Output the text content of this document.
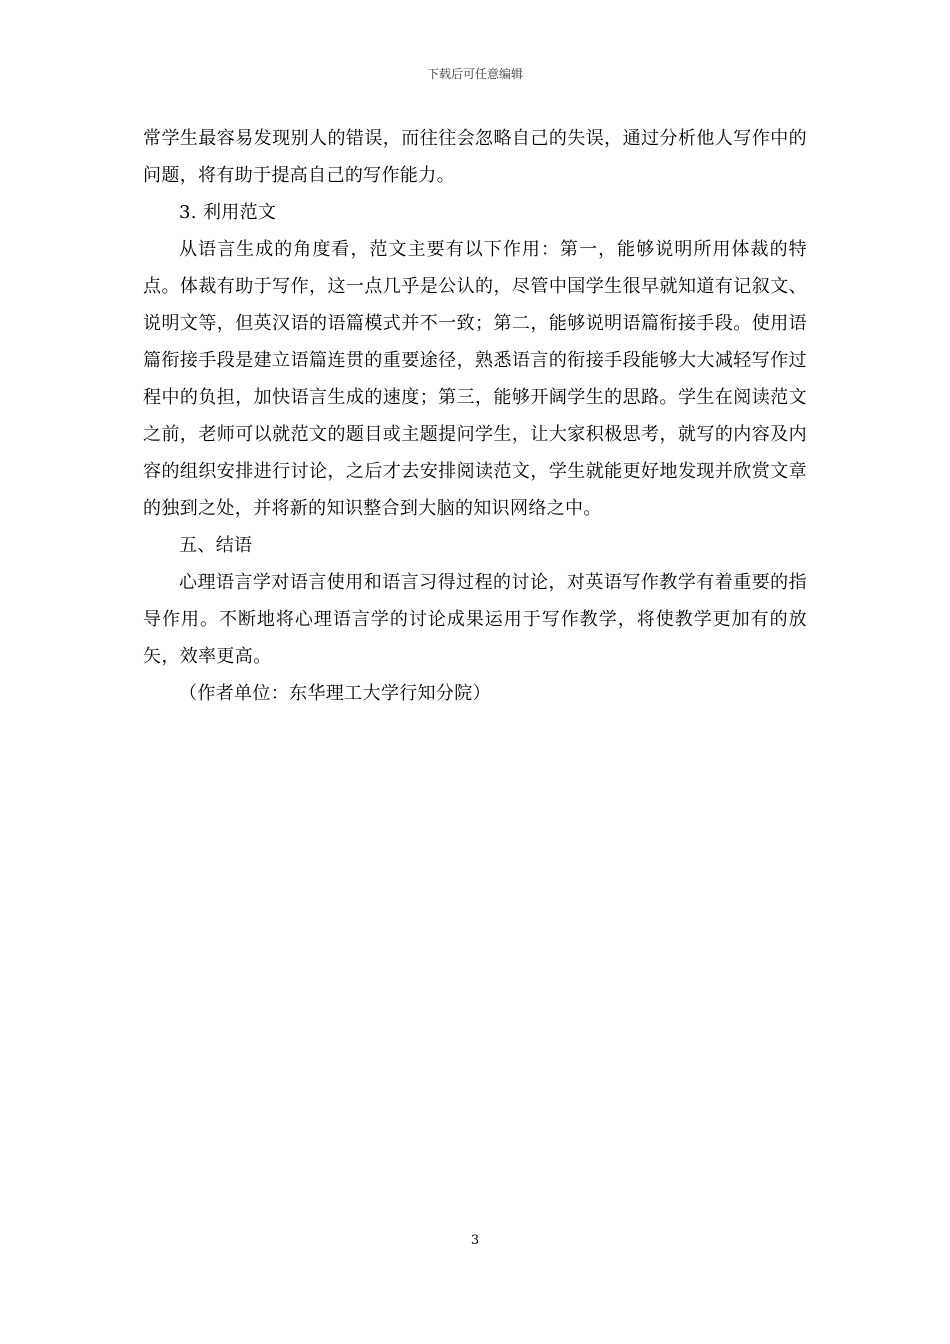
下载后可任意编辑

常学生最容易发现别人的错误，而往往会忽略自己的失误，通过分析他人写作中的问题，将有助于提高自己的写作能力。

3. 利用范文

从语言生成的角度看，范文主要有以下作用：第一，能够说明所用体裁的特点。体裁有助于写作，这一点几乎是公认的，尽管中国学生很早就知道有记叙文、说明文等，但英汉语的语篇模式并不一致；第二，能够说明语篇衔接手段。使用语篇衔接手段是建立语篇连贯的重要途径，熟悉语言的衔接手段能够大大减轻写作过程中的负担，加快语言生成的速度；第三，能够开阔学生的思路。学生在阅读范文之前，老师可以就范文的题目或主题提问学生，让大家积极思考，就写的内容及内容的组织安排进行讨论，之后才去安排阅读范文，学生就能更好地发现并欣赏文章的独到之处，并将新的知识整合到大脑的知识网络之中。

五、结语

心理语言学对语言使用和语言习得过程的讨论，对英语写作教学有着重要的指导作用。不断地将心理语言学的讨论成果运用于写作教学，将使教学更加有的放矢，效率更高。

（作者单位：东华理工大学行知分院）

3
